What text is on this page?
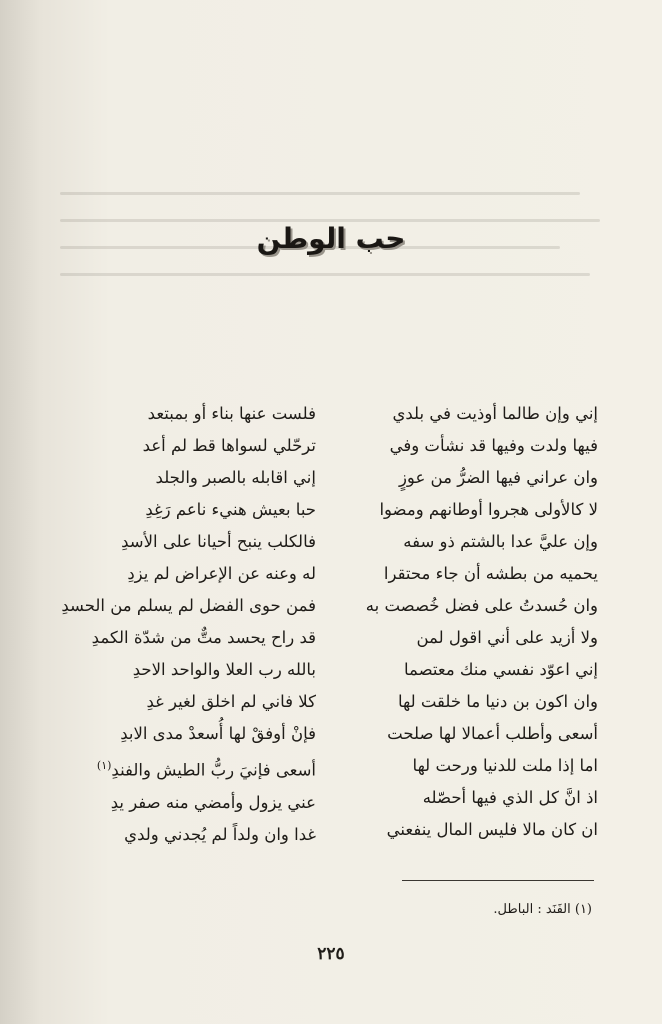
حب الوطن
إني وإن طالما أوذيت في بلدي
فيها ولدت وفيها قد نشأت وفي
وان عراني فيها الضرُّ من عوزٍ
لا كالأولى هجروا أوطانهم ومضوا
وإن عليَّ عدا بالشتم ذو سفه
يحميه من بطشه أن جاء محتقرا
وان حُسدتُ على فضل خُصصت به
ولا أزيد على أني اقول لمن
إني اعوّد نفسي منك معتصما
وان اكون بن دنيا ما خلقت لها
أسعى وأطلب أعمالا لها صلحت
اما إذا ملت للدنيا ورحت لها
اذ انَّ كل الذي فيها أحصّله
ان كان مالا فليس المال ينفعني
فلست عنها بناء أو بمبتعد
ترحّلي لسواها قط لم أعد
إني اقابله بالصبر والجلد
حبا بعيش هنيء ناعم رَغِدِ
فالكلب ينبح أحيانا على الأسدِ
له وعنه عن الإعراض لم يزدِ
فمن حوى الفضل لم يسلم من الحسدِ
قد راح يحسد متٌّ من شدّة الكمدِ
بالله رب العلا والواحد الاحدِ
كلا فاني لم اخلق لغير غدِ
فإنْ أوفقْ لها أُسعدْ مدى الابدِ
أسعى فإنيَ ربُّ الطيش والفندِ$^{(١)}$
عني يزول وأمضي منه صفر يدِ
غدا وان ولداً لم يُجدني ولدي
(١) الفَنَد : الباطل.
٢٢٥
